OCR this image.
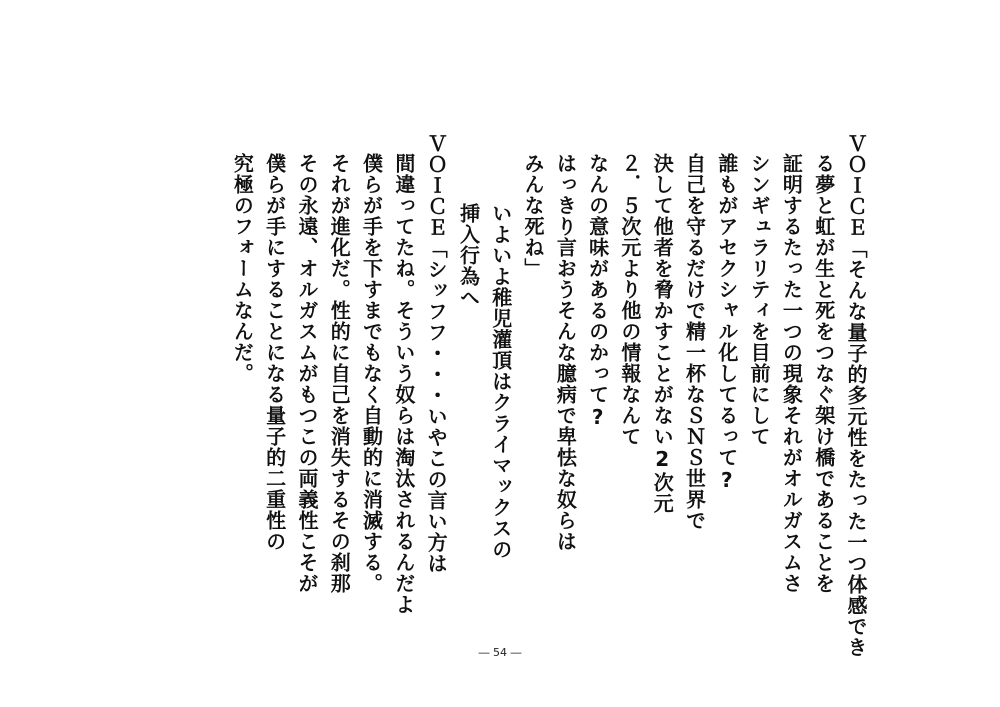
ＶＯＩＣＥ「そんな量子的多元性をたった一つ体感でき
る夢と虹が生と死をつなぐ架け橋であることを
証明するたった一つの現象それがオルガスムさ
シンギュラリティを目前にして
誰もがアセクシャル化してるって?
自己を守るだけで精一杯なＳＮＳ世界で
決して他者を脅かすことがない2次元
２．５次元より他の情報なんて
なんの意味があるのかって?
はっきり言おうそんな臆病で卑怯な奴らは
みんな死ね」
いよいよ稚児灌頂はクライマックスの
挿入行為へ
ＶＯＩＣＥ「シッフフ・・・いやこの言い方は
間違ってたね。そういう奴らは淘汰されるんだよ
僕らが手を下すまでもなく自動的に消滅する。
それが進化だ。性的に自己を消失するその刹那
その永遠、オルガスムがもつこの両義性こそが
僕らが手にすることになる量子的二重性の
究極のフォームなんだ。
― 54 ―
